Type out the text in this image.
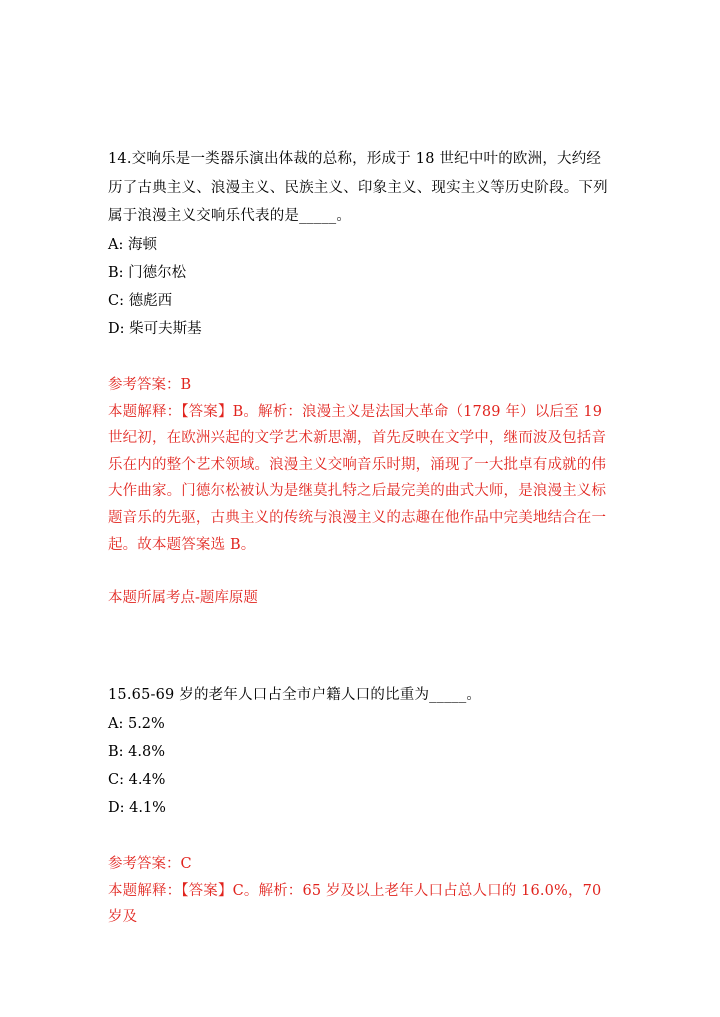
14.交响乐是一类器乐演出体裁的总称，形成于 18 世纪中叶的欧洲，大约经历了古典主义、浪漫主义、民族主义、印象主义、现实主义等历史阶段。下列属于浪漫主义交响乐代表的是_____。

A: 海顿

B: 门德尔松

C: 德彪西

D: 柴可夫斯基

参考答案：B

本题解释：【答案】B。解析：浪漫主义是法国大革命（1789 年）以后至 19 世纪初，在欧洲兴起的文学艺术新思潮，首先反映在文学中，继而波及包括音乐在内的整个艺术领域。浪漫主义交响音乐时期，涌现了一大批卓有成就的伟大作曲家。门德尔松被认为是继莫扎特之后最完美的曲式大师，是浪漫主义标题音乐的先驱，古典主义的传统与浪漫主义的志趣在他作品中完美地结合在一起。故本题答案选 B。

本题所属考点-题库原题

15.65-69 岁的老年人口占全市户籍人口的比重为_____。

A: 5.2%

B: 4.8%

C: 4.4%

D: 4.1%

参考答案：C

本题解释：【答案】C。解析：65 岁及以上老年人口占总人口的 16.0%，70 岁及
